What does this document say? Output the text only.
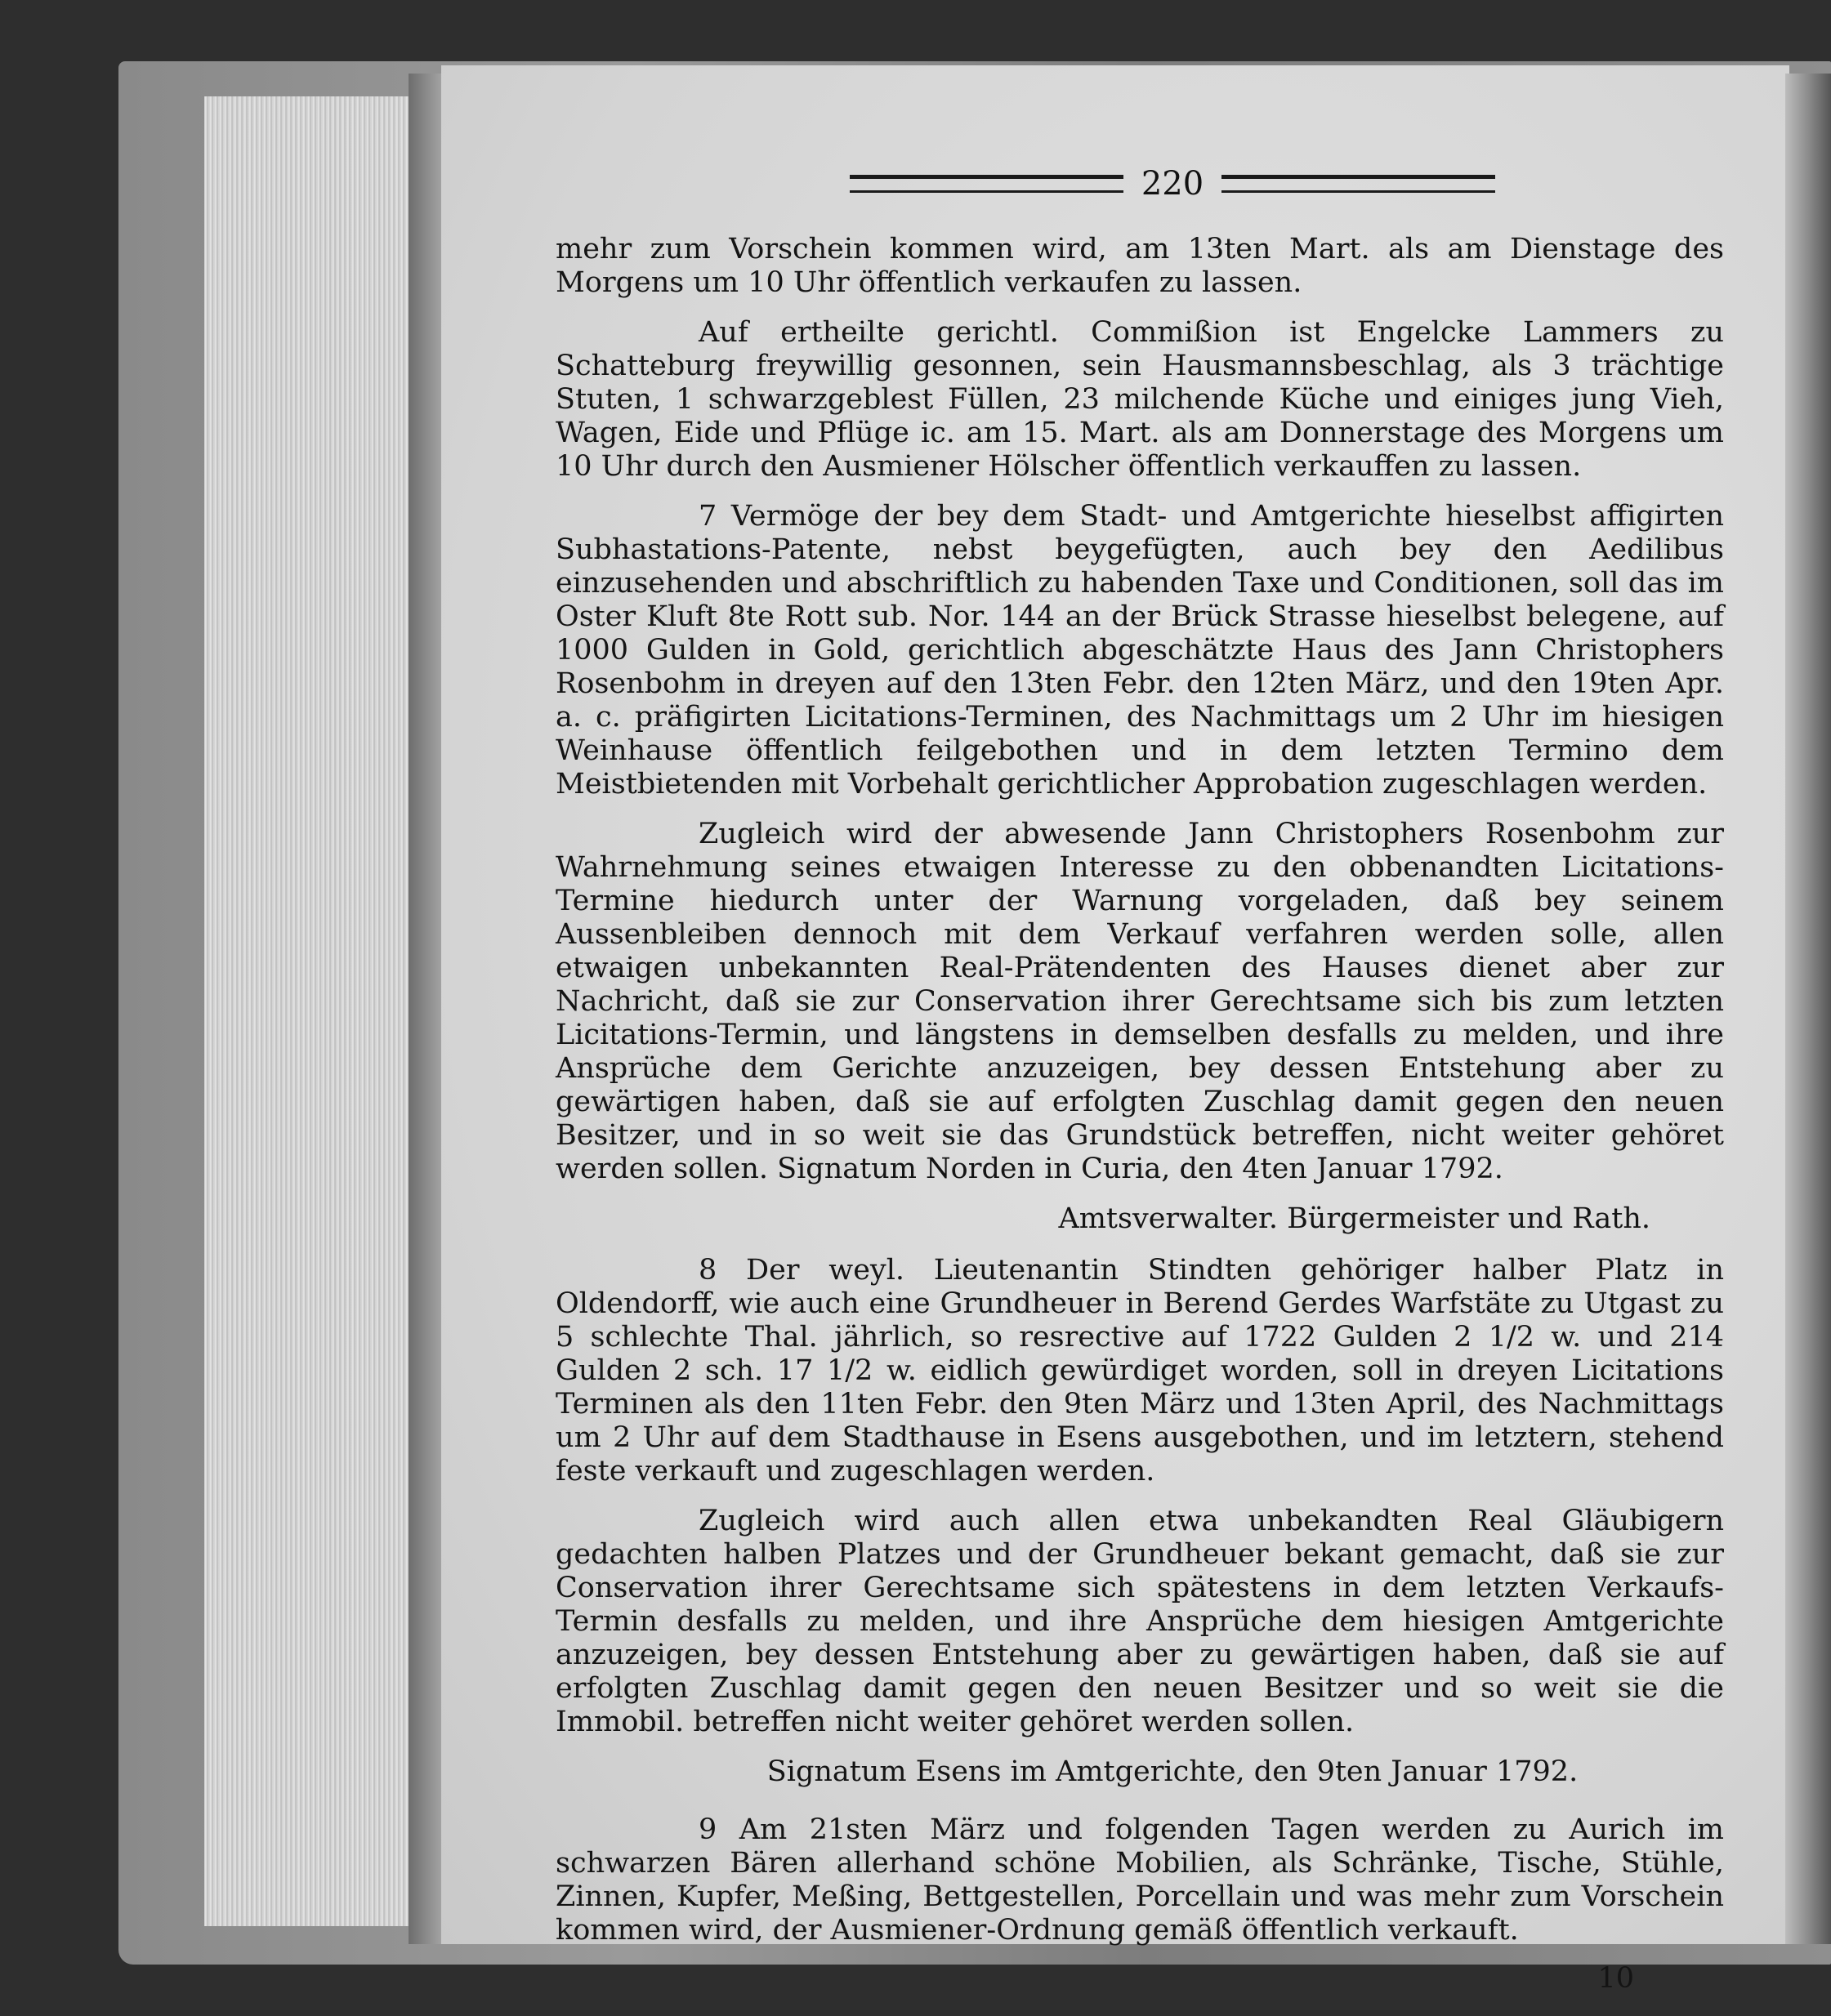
220

mehr zum Vorschein kommen wird, am 13ten Mart. als am Dienstage des Morgens um 10 Uhr öffentlich verkaufen zu lassen.

Auf ertheilte gerichtl. Commißion ist Engelcke Lammers zu Schatteburg freywillig gesonnen, sein Hausmannsbeschlag, als 3 trächtige Stuten, 1 schwarzgeblest Füllen, 23 milchende Küche und einiges jung Vieh, Wagen, Eide und Pflüge ic. am 15. Mart. als am Donnerstage des Morgens um 10 Uhr durch den Ausmiener Hölscher öffentlich verkauffen zu lassen.

7 Vermöge der bey dem Stadt- und Amtgerichte hieselbst affigirten Subhastations-Patente, nebst beygefügten, auch bey den Aedilibus einzusehenden und abschriftlich zu habenden Taxe und Conditionen, soll das im Oster Kluft 8te Rott sub. Nor. 144 an der Brück Strasse hieselbst belegene, auf 1000 Gulden in Gold, gerichtlich abgeschätzte Haus des Jann Christophers Rosenbohm in dreyen auf den 13ten Febr. den 12ten März, und den 19ten Apr. a. c. präfigirten Licitations-Terminen, des Nachmittags um 2 Uhr im hiesigen Weinhause öffentlich feilgebothen und in dem letzten Termino dem Meistbietenden mit Vorbehalt gerichtlicher Approbation zugeschlagen werden.

Zugleich wird der abwesende Jann Christophers Rosenbohm zur Wahrnehmung seines etwaigen Interesse zu den obbenandten Licitations-Termine hiedurch unter der Warnung vorgeladen, daß bey seinem Aussenbleiben dennoch mit dem Verkauf verfahren werden solle, allen etwaigen unbekannten Real-Prätendenten des Hauses dienet aber zur Nachricht, daß sie zur Conservation ihrer Gerechtsame sich bis zum letzten Licitations-Termin, und längstens in demselben desfalls zu melden, und ihre Ansprüche dem Gerichte anzuzeigen, bey dessen Entstehung aber zu gewärtigen haben, daß sie auf erfolgten Zuschlag damit gegen den neuen Besitzer, und in so weit sie das Grundstück betreffen, nicht weiter gehöret werden sollen. Signatum Norden in Curia, den 4ten Januar 1792.

Amtsverwalter. Bürgermeister und Rath.

8 Der weyl. Lieutenantin Stindten gehöriger halber Platz in Oldendorff, wie auch eine Grundheuer in Berend Gerdes Warfstäte zu Utgast zu 5 schlechte Thal. jährlich, so resrective auf 1722 Gulden 2 1/2 w. und 214 Gulden 2 sch. 17 1/2 w. eidlich gewürdiget worden, soll in dreyen Licitations Terminen als den 11ten Febr. den 9ten März und 13ten April, des Nachmittags um 2 Uhr auf dem Stadthause in Esens ausgebothen, und im letztern, stehend feste verkauft und zugeschlagen werden.

Zugleich wird auch allen etwa unbekandten Real Gläubigern gedachten halben Platzes und der Grundheuer bekant gemacht, daß sie zur Conservation ihrer Gerechtsame sich spätestens in dem letzten Verkaufs-Termin desfalls zu melden, und ihre Ansprüche dem hiesigen Amtgerichte anzuzeigen, bey dessen Entstehung aber zu gewärtigen haben, daß sie auf erfolgten Zuschlag damit gegen den neuen Besitzer und so weit sie die Immobil. betreffen nicht weiter gehöret werden sollen.

Signatum Esens im Amtgerichte, den 9ten Januar 1792.

9 Am 21sten März und folgenden Tagen werden zu Aurich im schwarzen Bären allerhand schöne Mobilien, als Schränke, Tische, Stühle, Zinnen, Kupfer, Meßing, Bettgestellen, Porcellain und was mehr zum Vorschein kommen wird, der Ausmiener-Ordnung gemäß öffentlich verkauft.

10
